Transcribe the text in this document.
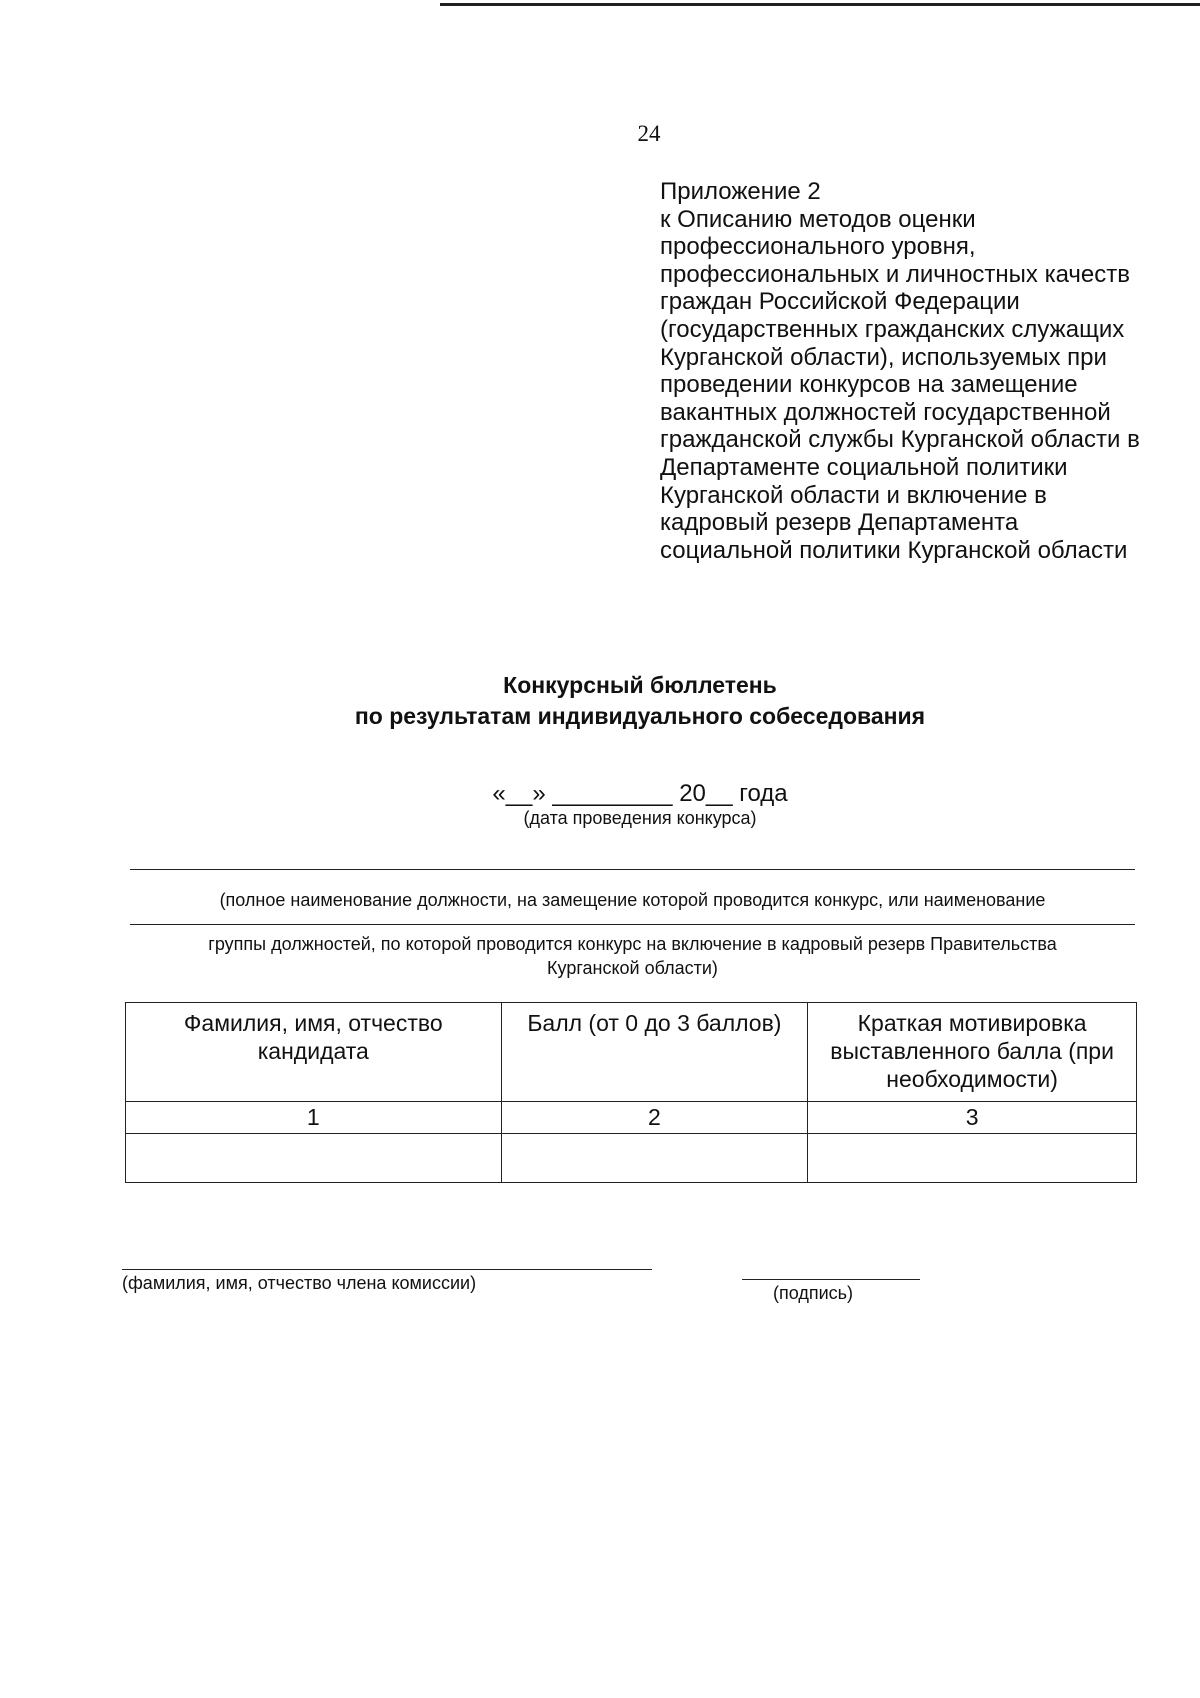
24
Приложение 2
к Описанию методов оценки
профессионального уровня,
профессиональных и личностных качеств
граждан Российской Федерации
(государственных гражданских служащих
Курганской области), используемых при
проведении конкурсов на замещение
вакантных должностей государственной
гражданской службы Курганской области в
Департаменте социальной политики
Курганской области и включение в
кадровый резерв Департамента
социальной политики Курганской области
Конкурсный бюллетень
по результатам индивидуального собеседования
«__» _________ 20__ года
(дата проведения конкурса)
(полное наименование должности, на замещение которой проводится конкурс, или наименование
группы должностей, по которой проводится конкурс на включение в кадровый резерв Правительства
Курганской области)
Фамилия, имя, отчество кандидата	Балл (от 0 до 3 баллов)	Краткая мотивировка выставленного балла (при необходимости)
1	2	3

(фамилия, имя, отчество члена комиссии)	(подпись)
